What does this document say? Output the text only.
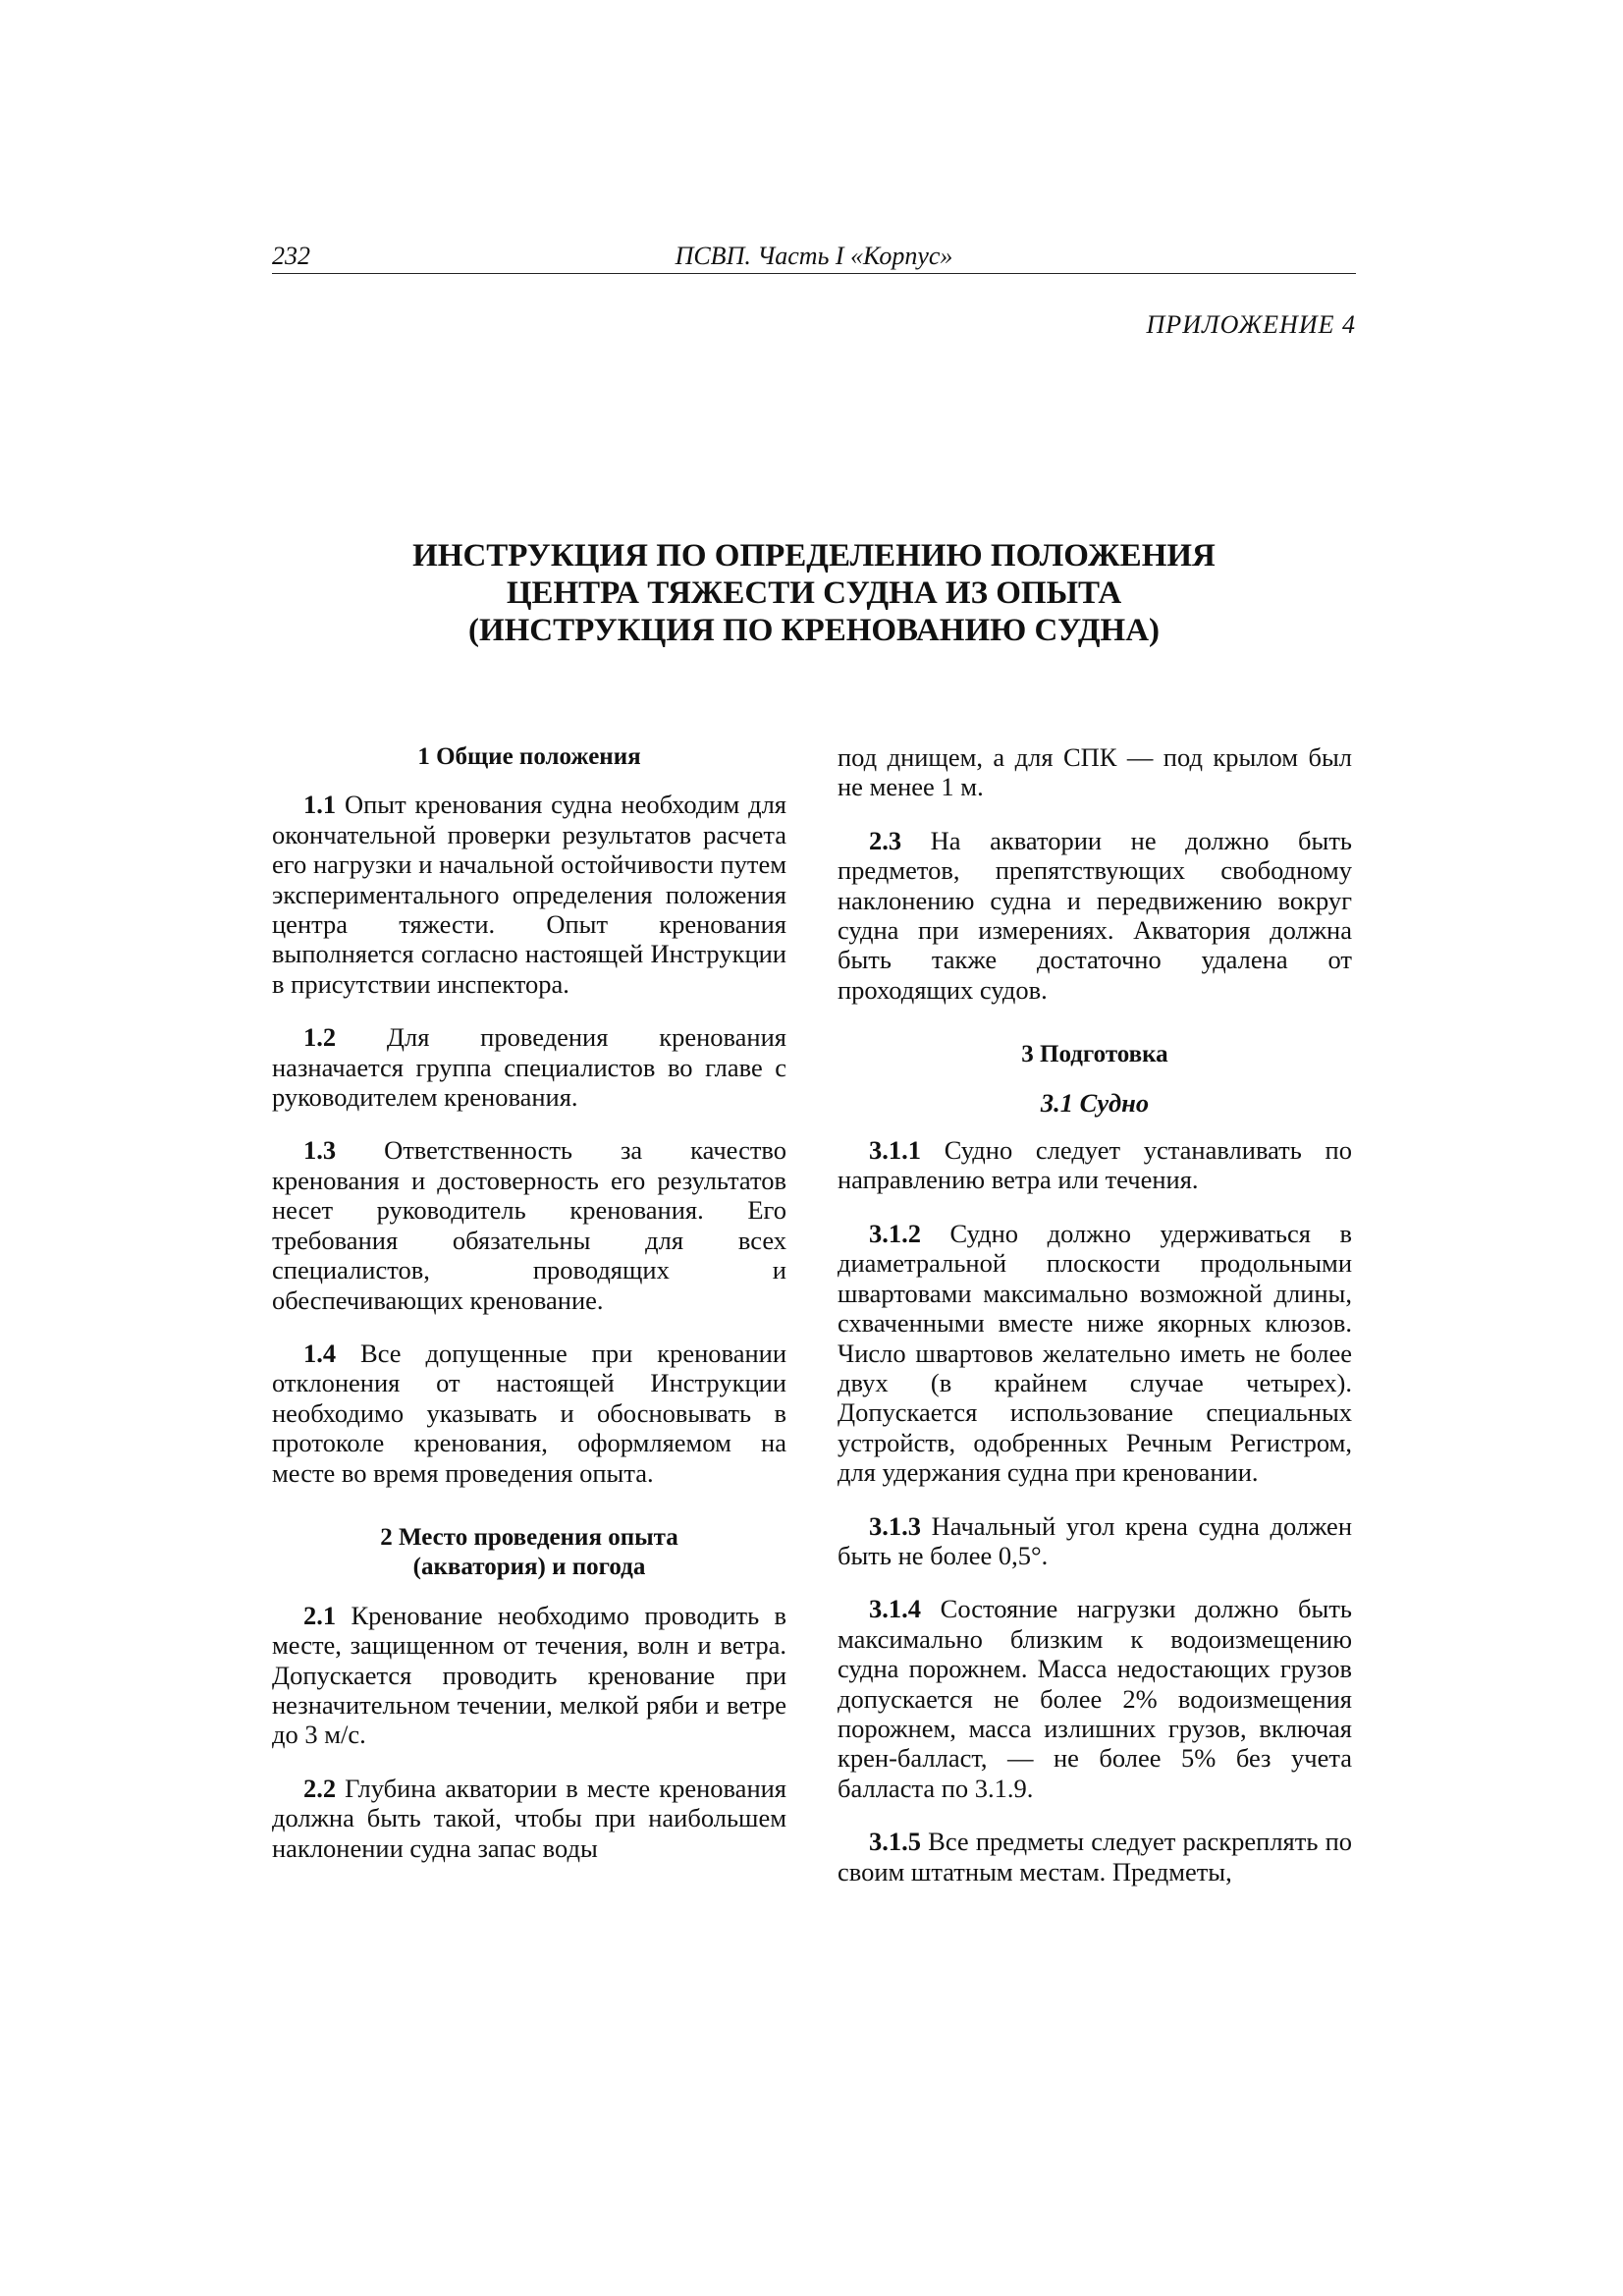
232	ПСВП. Часть I «Корпус»
ПРИЛОЖЕНИЕ 4
ИНСТРУКЦИЯ ПО ОПРЕДЕЛЕНИЮ ПОЛОЖЕНИЯ
ЦЕНТРА ТЯЖЕСТИ СУДНА ИЗ ОПЫТА
(ИНСТРУКЦИЯ ПО КРЕНОВАНИЮ СУДНА)
1 Общие положения

1.1 Опыт кренования судна необходим для окончательной проверки результатов расчета его нагрузки и начальной остойчивости путем экспериментального определения положения центра тяжести. Опыт кренования выполняется согласно настоящей Инструкции в присутствии инспектора.

1.2 Для проведения кренования назначается группа специалистов во главе с руководителем кренования.

1.3 Ответственность за качество кренования и достоверность его результатов несет руководитель кренования. Его требования обязательны для всех специалистов, проводящих и обеспечивающих кренование.

1.4 Все допущенные при креновании отклонения от настоящей Инструкции необходимо указывать и обосновывать в протоколе кренования, оформляемом на месте во время проведения опыта.

2 Место проведения опыта
(акватория) и погода

2.1 Кренование необходимо проводить в месте, защищенном от течения, волн и ветра. Допускается проводить кренование при незначительном течении, мелкой ряби и ветре до 3 м/с.

2.2 Глубина акватории в месте кренования должна быть такой, чтобы при наибольшем наклонении судна запас воды

под днищем, а для СПК — под крылом был не менее 1 м.

2.3 На акватории не должно быть предметов, препятствующих свободному наклонению судна и передвижению вокруг судна при измерениях. Акватория должна быть также достаточно удалена от проходящих судов.

3 Подготовка
3.1 Судно

3.1.1 Судно следует устанавливать по направлению ветра или течения.

3.1.2 Судно должно удерживаться в диаметральной плоскости продольными швартовами максимально возможной длины, схваченными вместе ниже якорных клюзов. Число швартовов желательно иметь не более двух (в крайнем случае четырех). Допускается использование специальных устройств, одобренных Речным Регистром, для удержания судна при креновании.

3.1.3 Начальный угол крена судна должен быть не более 0,5°.

3.1.4 Состояние нагрузки должно быть максимально близким к водоизмещению судна порожнем. Масса недостающих грузов допускается не более 2% водоизмещения порожнем, масса излишних грузов, включая крен-балласт, — не более 5% без учета балласта по 3.1.9.

3.1.5 Все предметы следует раскреплять по своим штатным местам. Предметы,
